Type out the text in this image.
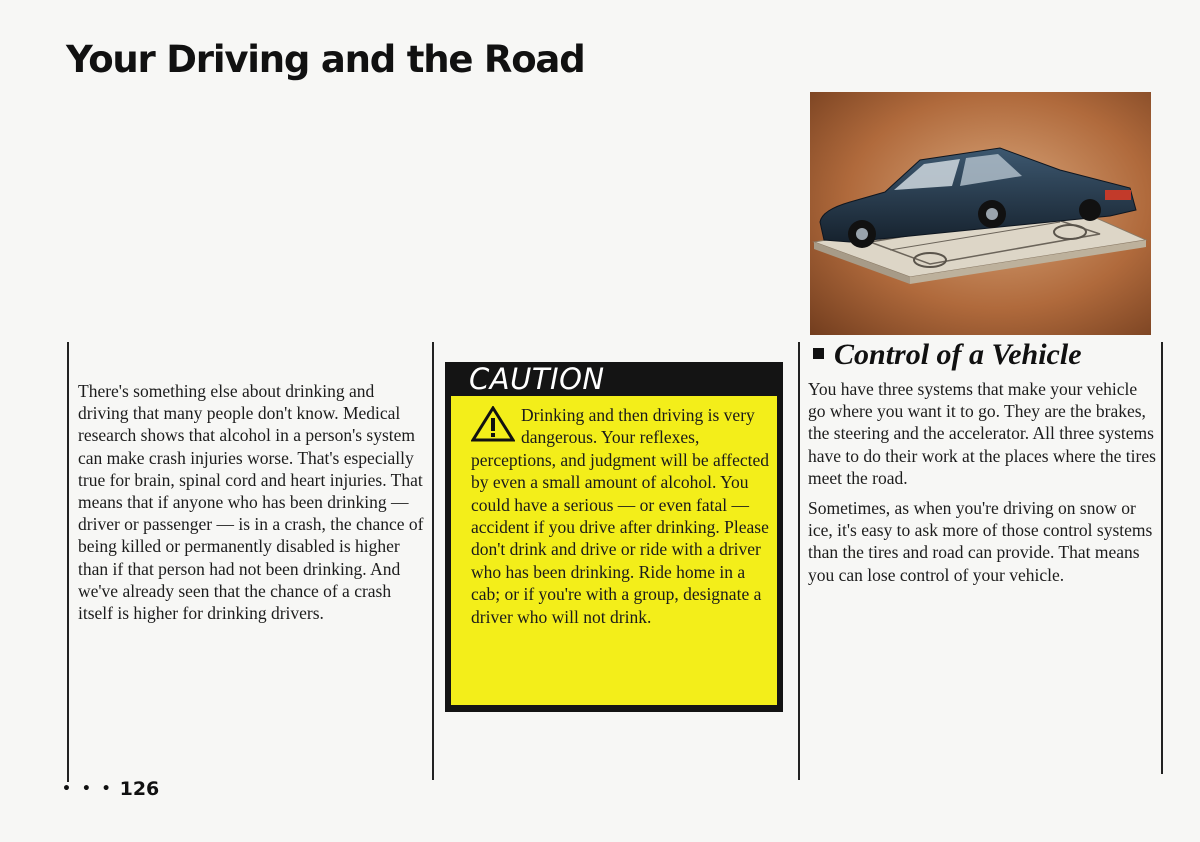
Your Driving and the Road

There's something else about drinking and driving that many people don't know. Medical research shows that alcohol in a person's system can make crash injuries worse. That's especially true for brain, spinal cord and heart injuries. That means that if anyone who has been drinking — driver or passenger — is in a crash, the chance of being killed or permanently disabled is higher than if that person had not been drinking. And we've already seen that the chance of a crash itself is higher for drinking drivers.

CAUTION
Drinking and then driving is very dangerous. Your reflexes, perceptions, and judgment will be affected by even a small amount of alcohol. You could have a serious — or even fatal — accident if you drive after drinking. Please don't drink and drive or ride with a driver who has been drinking. Ride home in a cab; or if you're with a group, designate a driver who will not drink.
Control of a Vehicle

You have three systems that make your vehicle go where you want it to go. They are the brakes, the steering and the accelerator. All three systems have to do their work at the places where the tires meet the road.

Sometimes, as when you're driving on snow or ice, it's easy to ask more of those control systems than the tires and road can provide. That means you can lose control of your vehicle.

• • • 126
